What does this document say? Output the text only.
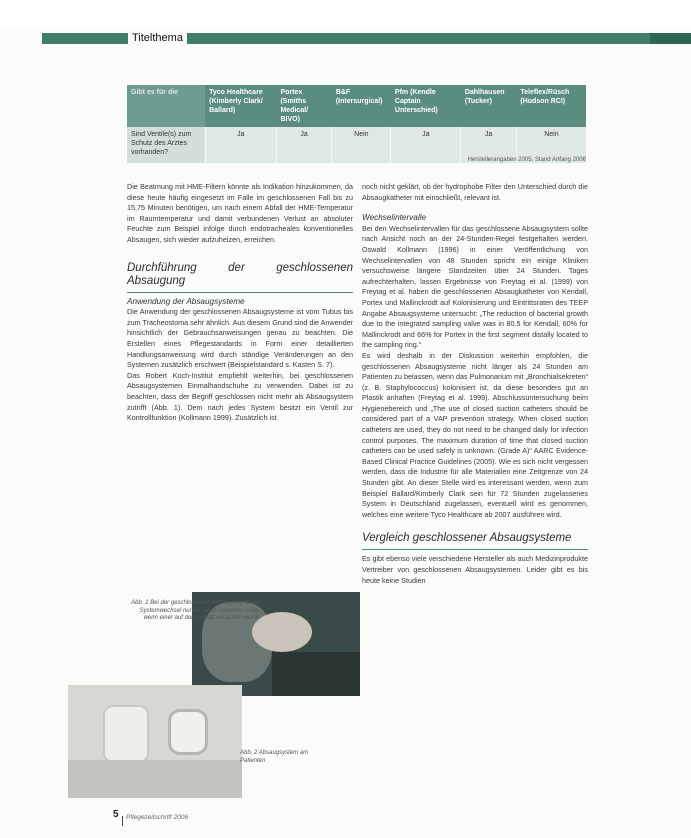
Titelthema
Gibt es für die	Tyco Healthcare (Kimberly Clark/ Ballard)	Portex (Smiths Medical/ BIVO)	B&F (Intersurgical)	Pfm (Kendle Captain Unterschied)	Dahlhausen (Tucker)	Teleflex/Rüsch (Hudson RCI)
Sind Ventile(s) zum Schutz des Arztes vorhanden?	Ja	Ja	Nein	Ja	Ja	Nein
Herstellerangaben 2005, Stand Anfang 2006

Die Beatmung mit HME-Filtern könnte als Indikation hinzukommen, da diese heute häufig eingesetzt im Falle im geschlossenen Fall bis zu 15,75 Minuten benötigen, um nach einem Abfall der HME-Temperatur im Raumtemperatur und damit verbundenen Verlust an absoluter Feuchte zum Beispiel infolge durch endotracheales konventionelles Absaugen, sich wieder aufzuheizen, erreichen.

Durchführung der geschlossenen Absaugung

Anwendung der Absaugsysteme

Die Anwendung der geschlossenen Absaugsysteme ist vom Tubus bis zum Tracheostoma sehr ähnlich. Aus diesem Grund sind die Anwender hinsichtlich der Gebrauchsanweisungen genau zu beachten. Die Erstellen eines Pflegestandards in Form einer detaillierten Handlungsanweisung wird durch ständige Veränderungen an den Systemen zusätzlich erschwert (Beispielstandard s. Kasten S. 7).

Das Robert Koch-Institut empfiehlt weiterhin, bei geschlossenen Absaugsystemen Einmalhandschuhe zu verwenden. Dabei ist zu beachten, dass der Begriff geschlossen nicht mehr als Absaugsystem zutrifft (Abb. 1). Dem nach jedes System besitzt ein Ventil zur Kontrollfunktion (Kollmann 1999). Zusätzlich ist

noch nicht geklärt, ob der hydrophobe Filter den Unterschied durch die Absaugkatheter mit einschließt, relevant ist.

Wechselintervalle

Bei den Wechselintervallen für das geschlossene Absaugsystem sollte nach Ansicht noch an der 24-Stunden-Regel festgehalten werden. Oswald Kollmann (1996) in einer Veröffentlichung von Wechselintervallen von 48 Stunden spricht ein einige Kliniken versuchsweise längere Standzeiten über 24 Stunden. Tages aufrechterhalten, lassen Ergebnisse von Freytag et al. (1999) von Freytag et al. haben die geschlossenen Absaugkatheter von Kendall, Portex und Mallinckrodt auf Kolonisierung und Eintrittsraten des TEEP Angabe Absaugsysteme untersucht: „The reduction of bacterial growth due to the integrated sampling valve was in 80.5 for Kendall, 60% for Mallinckrodt and 66% for Portex in the first segment distally located to the sampling ring.“

Es wird deshalb in der Diskussion weiterhin empfohlen, die geschlossenen Absaugsysteme nicht länger als 24 Stunden am Patienten zu belassen, wenn das Pulmonarium mit „Bronchialsekreten“ (z. B. Staphylococcus) kolonisiert ist, da diese besonders gut an Plastik anhaften (Freytag et al. 1999). Abschlussuntersuchung beim Hygienebereich und „The use of closed suction catheters should be considered part of a VAP prevention strategy. When closed suction catheters are used, they do not need to be changed daily for infection control purposes. The maximum duration of time that closed suction catheters can be used safely is unknown. (Grade A)“ AARC Evidence-Based Clinical Practice Guidelines (2005). Wie es sich nicht vergessen werden, dass die Industrie für alle Materialien eine Zeitgrenze von 24 Stunden gibt. An dieser Stelle wird es interessant werden, wenn zum Beispiel Ballard/Kimberly Clark sein für 72 Stunden zugelassenes System in Deutschland zugelassen, eventuell wird es genommen, welches eine weitere Tyco Healthcare ab 2007 ausführen wird.

Vergleich geschlossener Absaugsysteme

Es gibt ebenso viele verschiedene Hersteller als auch Medizinprodukte Vertreiber von geschlossenen Absaugsystemen. Leider gibt es bis heute keine Studien

Abb. 1 Bei der geschlossenen Absaugung ist ein Systemwechsel nur für jeden Patienten nötig, wenn einer auf den Schutz verzichtet wurde
Abb. 2 Absaugsystem am Patienten
5 Pflegezeitschrift 2006
